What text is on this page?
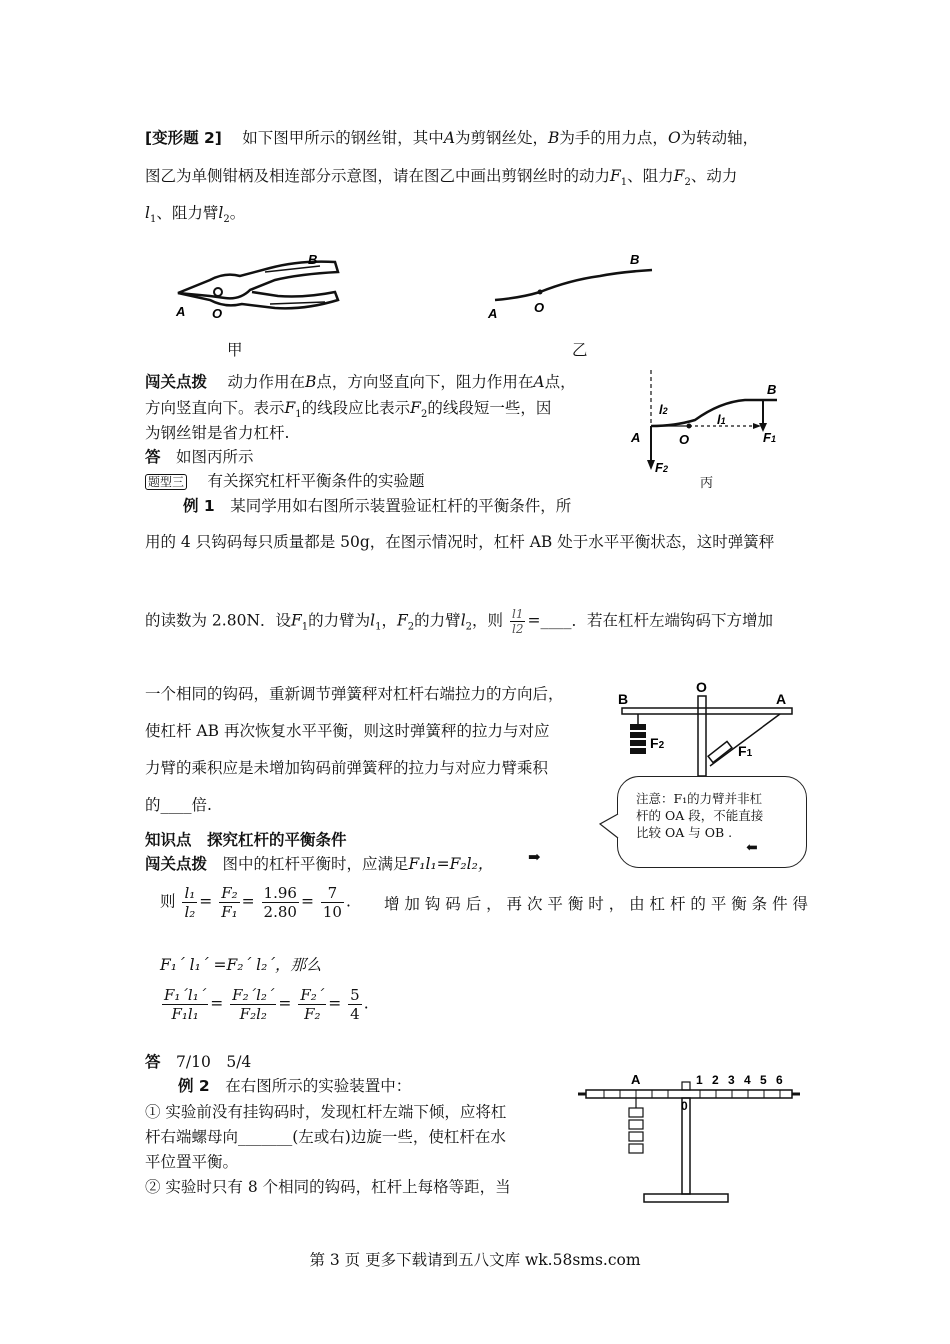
[变形题 2]　 如下图甲所示的钢丝钳，其中A为剪钢丝处，B为手的用力点，O为转动轴，
图乙为单侧钳柄及相连部分示意图，请在图乙中画出剪钢丝时的动力$F_1$、阻力$F_2$、动力
$l_1$、阻力臂$l_2$。
A O
B
甲
A	O
B
乙
闯关点拨　 动力作用在B点，方向竖直向下，阻力作用在A点，
方向竖直向下。表示$F_1$的线段应比表示$F_2$的线段短一些，因
为钢丝钳是省力杠杆.
答　 如图丙所示
题型三　 有关探究杠杆平衡条件的实验题
A	O
B
l1
l2
F1
F2
丙
例 1　 某同学用如右图所示装置验证杠杆的平衡条件，所
用的 4 只钩码每只质量都是 50g，在图示情况时，杠杆 AB 处于水平平衡状态，这时弹簧秤
的读数为 2.80N．设$F_1$的力臂为$l_1$，$F_2$的力臂$l_2$，则 $\frac{l1}{l2}$ =____．若在杠杆左端钩码下方增加
一个相同的钩码，重新调节弹簧秤对杠杆右端拉力的方向后，
使杠杆 AB 再次恢复水平平衡，则这时弹簧秤的拉力与对应
力臂的乘积应是未增加钩码前弹簧秤的拉力与对应力臂乘积
的____倍.
B
O
A
F2	F1
注意：F₁的力臂并非杠
杆的 OA 段，不能直接
比较 OA 与 OB .
⬅
知识点　 探究杠杆的平衡条件
闯关点拨　 图中的杠杆平衡时，应满足F₁l₁=F₂l₂， ➡
则 $\frac{\text{l₁}}{\text{l₂}} = \frac{\text{F₂}}{\text{F₁}} = \frac{1.96}{2.80} = \frac{7}{10}$ . 增 加 钩 码 后 ， 再 次 平 衡 时 ， 由 杠 杆 的 平 衡 条 件 得
F₁ˊ l₁ˊ =F₂ˊ l₂ˊ，那么
$\frac{\text{F₁ˊl₁ˊ}}{\text{F₁l₁}} = \frac{\text{F₂ˊl₂ˊ}}{\text{F₂l₂}} = \frac{\text{F₂ˊ}}{\text{F₂}} = \frac{5}{4}$ .
答　 7/10　5/4
例 2　 在右图所示的实验装置中：
① 实验前没有挂钩码时，发现杠杆左端下倾，应将杠
杆右端螺母向_______(左或右)边旋一些，使杠杆在水
平位置平衡。
② 实验时只有 8 个相同的钩码，杠杆上每格等距，当
A
0
1 2 3 4 5 6
第 3 页 更多下载请到五八文库 wk.58sms.com
